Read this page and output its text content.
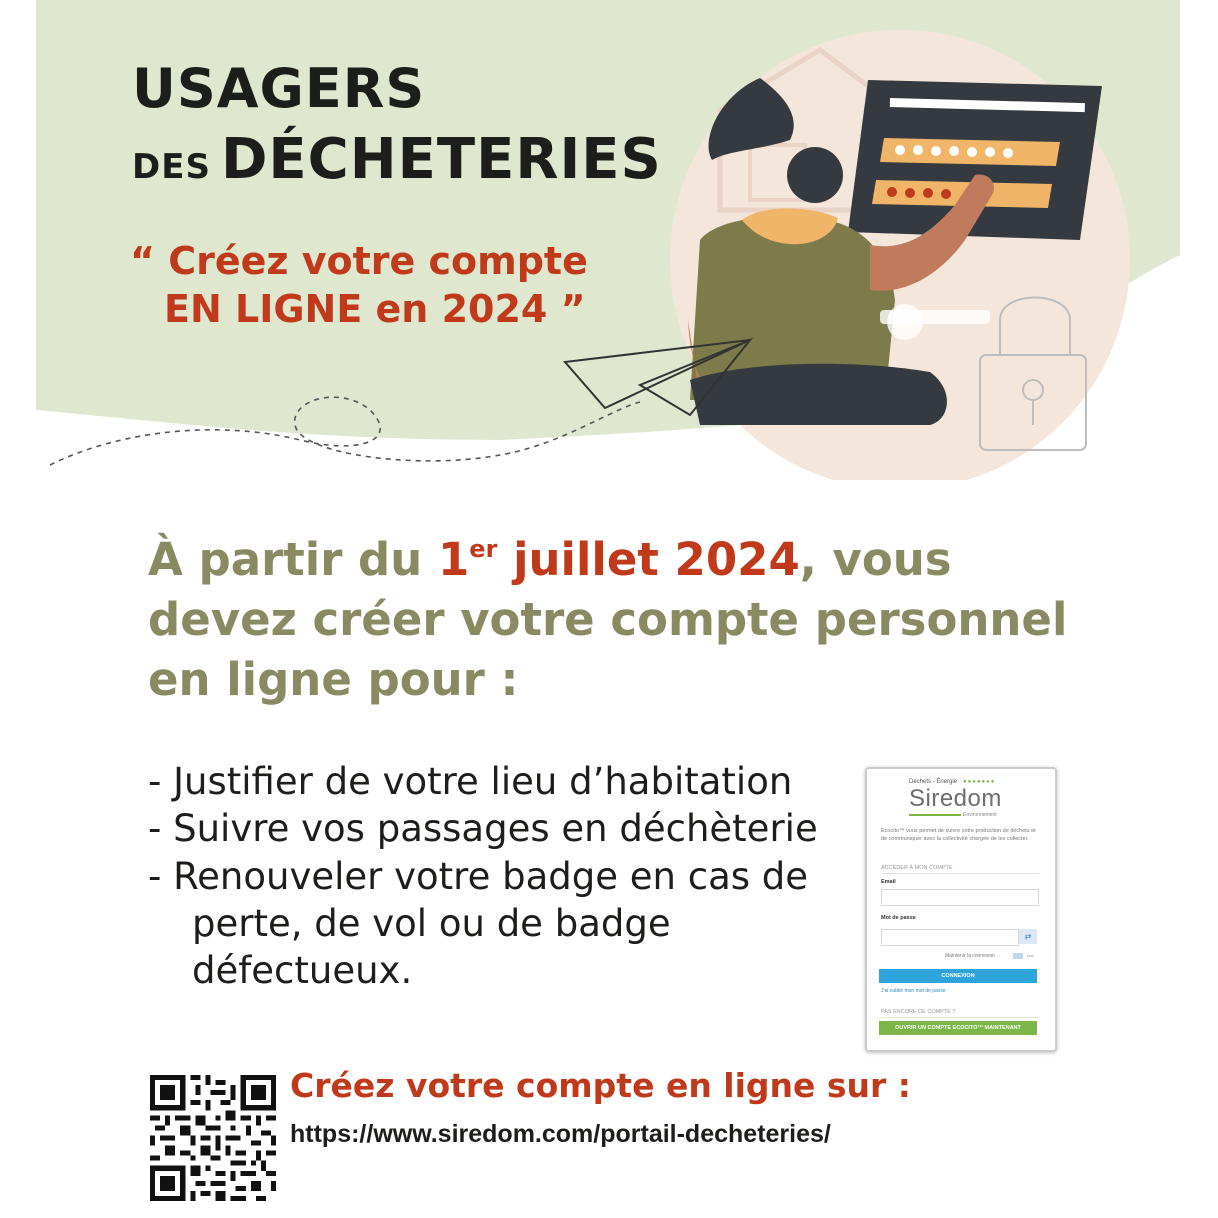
USAGERS
DES DÉCHETERIES
“ Créez votre compte
EN LIGNE en 2024 ”
À partir du 1er juillet 2024, vous devez créer votre compte personnel en ligne pour :
- Justifier de votre lieu d’habitation
- Suivre vos passages en déchèterie
- Renouveler votre badge en cas de
perte, de vol ou de badge
défectueux.
Déchets - Énergie ●●●●●●●
Siredom
Environnement
Ecocito™ vous permet de suivre votre production de déchets et de communiquer avec la collectivité chargée de les collecter.
ACCÉDER À MON COMPTE
Email
Mot de passe
⇄
Maintenir la connexion	Non
CONNEXION
J'ai oublié mon mot de passe
PAS ENCORE DE COMPTE ?
OUVRIR UN COMPTE ECOCITO™ MAINTENANT
Créez votre compte en ligne sur :
https://www.siredom.com/portail-decheteries/
